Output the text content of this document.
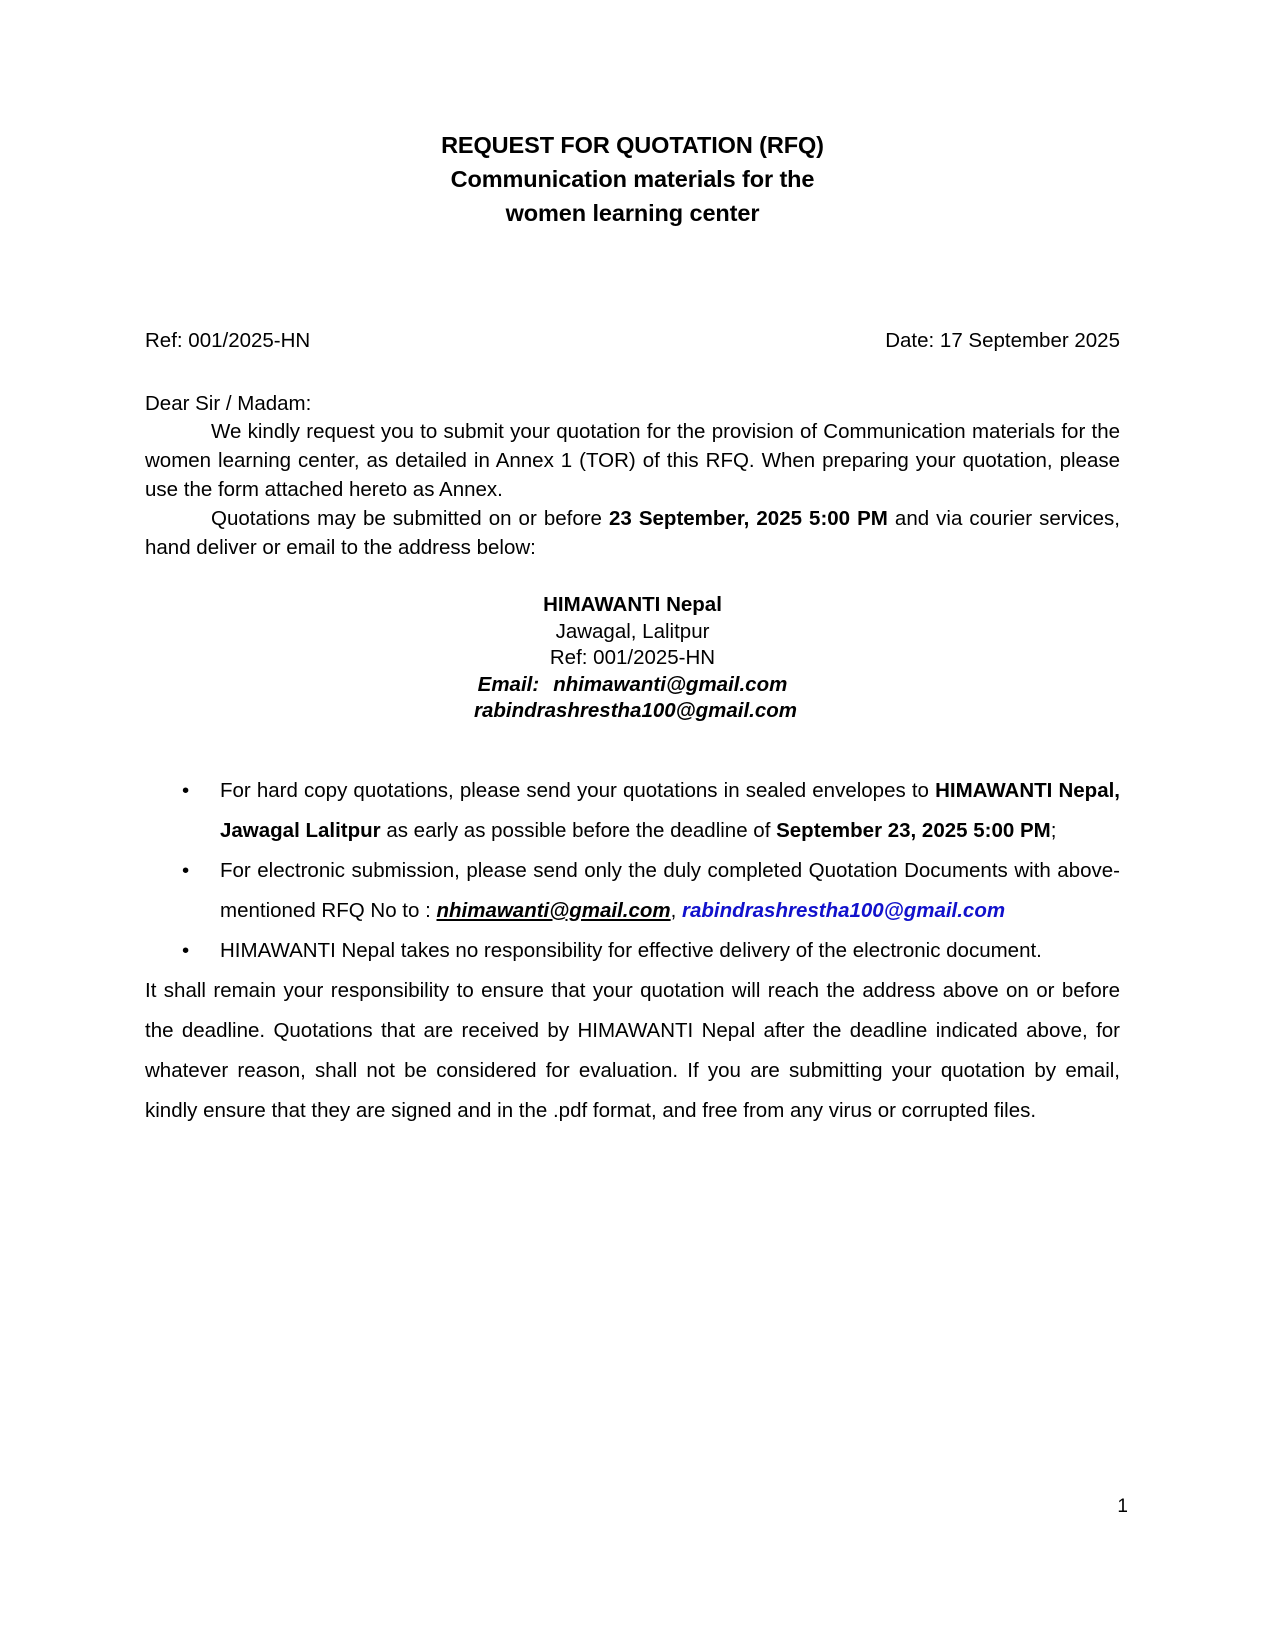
REQUEST FOR QUOTATION (RFQ)
Communication materials for the
women learning center
Ref: 001/2025-HN	Date: 17 September 2025
Dear Sir / Madam:

We kindly request you to submit your quotation for the provision of Communication materials for the women learning center, as detailed in Annex 1 (TOR) of this RFQ. When preparing your quotation, please use the form attached hereto as Annex.

Quotations may be submitted on or before 23 September, 2025 5:00 PM and via courier services, hand deliver or email to the address below:

HIMAWANTI Nepal
Jawagal, Lalitpur
Ref: 001/2025-HN
Email: nhimawanti@gmail.com
rabindrashrestha100@gmail.com
• For hard copy quotations, please send your quotations in sealed envelopes to HIMAWANTI Nepal, Jawagal Lalitpur as early as possible before the deadline of September 23, 2025 5:00 PM;
• For electronic submission, please send only the duly completed Quotation Documents with above-mentioned RFQ No to : nhimawanti@gmail.com, rabindrashrestha100@gmail.com
• HIMAWANTI Nepal takes no responsibility for effective delivery of the electronic document.
It shall remain your responsibility to ensure that your quotation will reach the address above on or before the deadline. Quotations that are received by HIMAWANTI Nepal after the deadline indicated above, for whatever reason, shall not be considered for evaluation. If you are submitting your quotation by email, kindly ensure that they are signed and in the .pdf format, and free from any virus or corrupted files.
1
